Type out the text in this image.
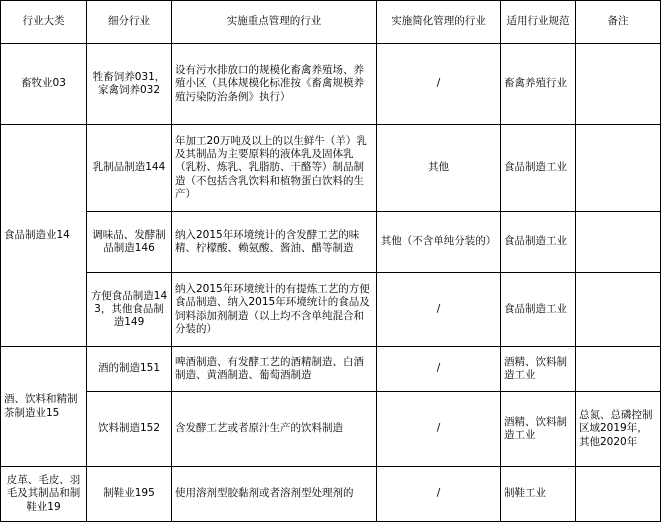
行业大类	细分行业	实施重点管理的行业	实施简化管理的行业	适用行业规范	备注
畜牧业03	牲畜饲养031，家禽饲养032	设有污水排放口的规模化畜禽养殖场、养殖小区（具体规模化标准按《畜禽规模养殖污染防治条例》执行）	/	畜禽养殖行业	
食品制造业14	乳制品制造144	年加工20万吨及以上的以生鲜牛（羊）乳及其制品为主要原料的液体乳及固体乳（乳粉、炼乳、乳脂肪、干酪等）制品制造（不包括含乳饮料和植物蛋白饮料的生产）	其他	食品制造工业	
	调味品、发酵制品制造146	纳入2015年环境统计的含发酵工艺的味精、柠檬酸、赖氨酸、酱油、醋等制造	其他（不含单纯分装的）	食品制造工业	
	方便食品制造143，其他食品制造149	纳入2015年环境统计的有提炼工艺的方便食品制造、纳入2015年环境统计的食品及饲料添加剂制造（以上均不含单纯混合和分装的）	/	食品制造工业	
酒、饮料和精制茶制造业15	酒的制造151	啤酒制造、有发酵工艺的酒精制造、白酒制造、黄酒制造、葡萄酒制造	/	酒精、饮料制造工业	
	饮料制造152	含发酵工艺或者原汁生产的饮料制造	/	酒精、饮料制造工业	总氮、总磷控制区域2019年，其他2020年
皮革、毛皮、羽毛及其制品和制鞋业19	制鞋业195	使用溶剂型胶黏剂或者溶剂型处理剂的	/	制鞋工业	
